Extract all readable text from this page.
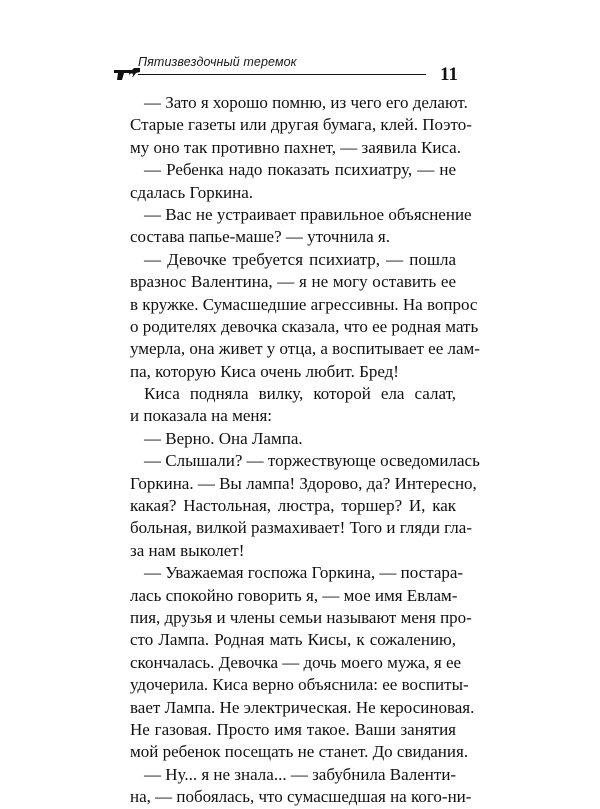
Пятизвездочный теремок
11
— Зато я хорошо помню, из чего его делают.
Старые газеты или другая бумага, клей. Поэто-
му оно так противно пахнет, — заявила Киса.
— Ребенка надо показать психиатру, — не
сдалась Горкина.
— Вас не устраивает правильное объяснение
состава папье-маше? — уточнила я.
— Девочке требуется психиатр, — пошла
вразнос Валентина, — я не могу оставить ее
в кружке. Сумасшедшие агрессивны. На вопрос
о родителях девочка сказала, что ее родная мать
умерла, она живет у отца, а воспитывает ее лам-
па, которую Киса очень любит. Бред!
Киса подняла вилку, которой ела салат,
и показала на меня:
— Верно. Она Лампа.
— Слышали? — торжествующе осведомилась
Горкина. — Вы лампа! Здорово, да? Интересно,
какая? Настольная, люстра, торшер? И, как
больная, вилкой размахивает! Того и гляди гла-
за нам выколет!
— Уважаемая госпожа Горкина, — постара-
лась спокойно говорить я, — мое имя Евлам-
пия, друзья и члены семьи называют меня про-
сто Лампа. Родная мать Кисы, к сожалению,
скончалась. Девочка — дочь моего мужа, я ее
удочерила. Киса верно объяснила: ее воспиты-
вает Лампа. Не электрическая. Не керосиновая.
Не газовая. Просто имя такое. Ваши занятия
мой ребенок посещать не станет. До свидания.
— Ну... я не знала... — забубнила Валенти-
на, — побоялась, что сумасшедшая на кого-ни-
